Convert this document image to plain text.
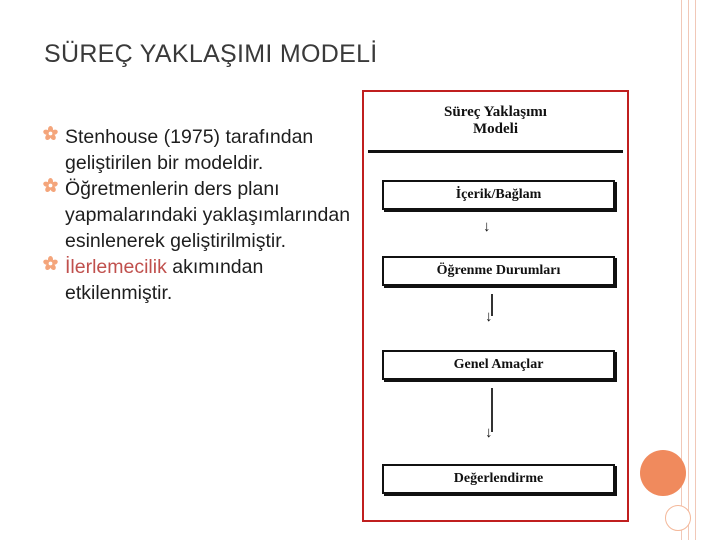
SÜREÇ YAKLAŞIMI MODELİ
Stenhouse (1975) tarafından geliştirilen bir modeldir.
Öğretmenlerin ders planı yapmalarındaki yaklaşımlarından esinlenerek geliştirilmiştir.
İlerlemecilik akımından etkilenmiştir.
Süreç Yaklaşımı
Modeli
İçerik/Bağlam
↓
Öğrenme Durumları
↓
Genel Amaçlar
↓
Değerlendirme
